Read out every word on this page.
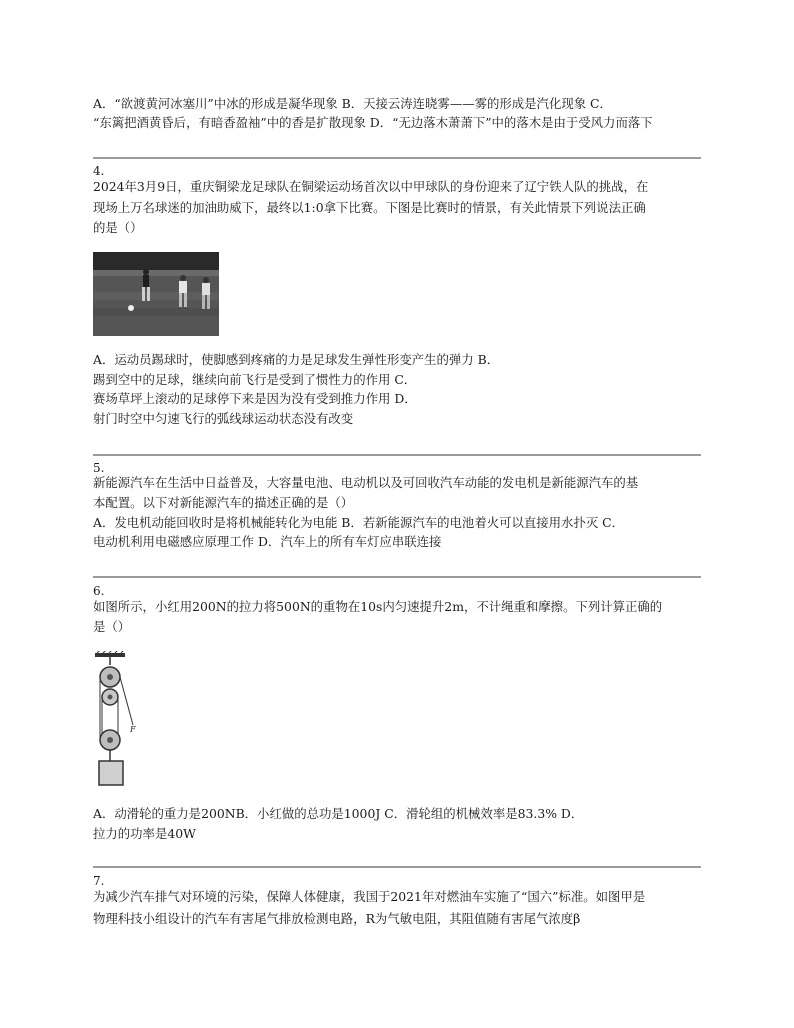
A．“欲渡黄河冰塞川”中冰的形成是凝华现象 B．天接云涛连晓雾——雾的形成是汽化现象 C．
“东篱把酒黄昏后，有暗香盈袖”中的香是扩散现象 D．“无边落木萧萧下”中的落木是由于受风力而落下
4.
2024年3月9日，重庆铜梁龙足球队在铜梁运动场首次以中甲球队的身份迎来了辽宁铁人队的挑战，在
现场上万名球迷的加油助威下，最终以1:0拿下比赛。下图是比赛时的情景，有关此情景下列说法正确
的是（）
A．运动员踢球时，使脚感到疼痛的力是足球发生弹性形变产生的弹力 B．
踢到空中的足球，继续向前飞行是受到了惯性力的作用 C．
赛场草坪上滚动的足球停下来是因为没有受到推力作用 D．
射门时空中匀速飞行的弧线球运动状态没有改变
5.
新能源汽车在生活中日益普及，大容量电池、电动机以及可回收汽车动能的发电机是新能源汽车的基
本配置。以下对新能源汽车的描述正确的是（）
A．发电机动能回收时是将机械能转化为电能 B．若新能源汽车的电池着火可以直接用水扑灭 C．
电动机利用电磁感应原理工作 D．汽车上的所有车灯应串联连接
6.
如图所示，小红用200N的拉力将500N的重物在10s内匀速提升2m，不计绳重和摩擦。下列计算正确的
是（）
F
A．动滑轮的重力是200NB．小红做的总功是1000J C．滑轮组的机械效率是83.3% D．
拉力的功率是40W
7.
为减少汽车排气对环境的污染，保障人体健康，我国于2021年对燃油车实施了“国六”标准。如图甲是
物理科技小组设计的汽车有害尾气排放检测电路，R为气敏电阻，其阻值随有害尾气浓度β
